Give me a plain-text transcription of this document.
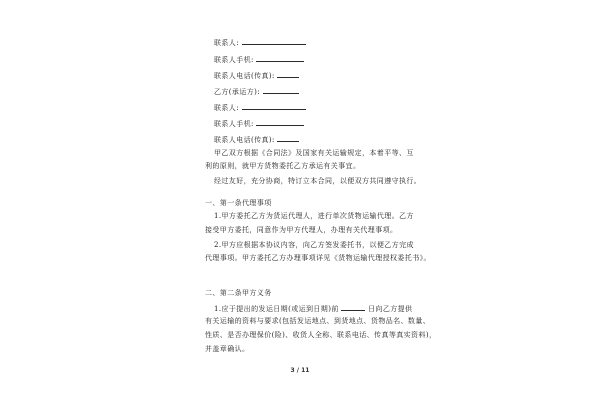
联系人:
联系人手机:
联系人电话(传真):
乙方(承运方):
联系人:
联系人手机:
联系人电话(传真):
甲乙双方根据《合同法》及国家有关运输规定，本着平等、互
利的原则，就甲方货物委托乙方承运有关事宜。
经过友好，充分协商，特订立本合同，以便双方共同遵守执行。
一、第一条代理事项
1.甲方委托乙方为货运代理人，进行单次货物运输代理。乙方
接受甲方委托，同意作为甲方代理人，办理有关代理事项。
2.甲方应根据本协议内容，向乙方签发委托书，以便乙方完成
代理事项。甲方委托乙方办理事项详见《货物运输代理授权委托书》。
二、第二条甲方义务
1.应于提出的发运日期(或运到日期)前	日向乙方提供
有关运输的资料与要求(包括发运地点、到货地点、货物品名、数量、
性质、是否办理保价(险)、收货人全称、联系电话、传真等真实资料)，
并盖章确认。
3 / 11
